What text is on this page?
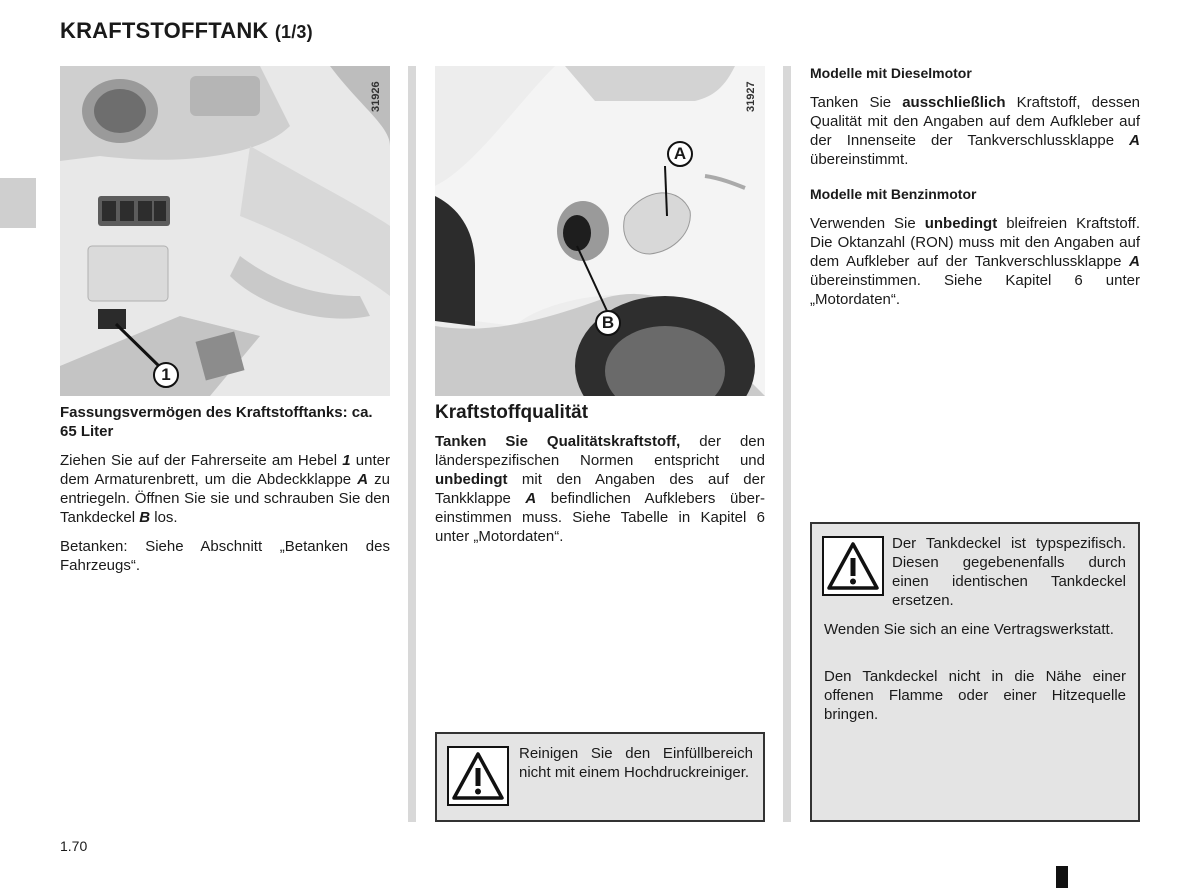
KRAFTSTOFFTANK (1/3)
1
31926
A
B
31927

Fassungsvermögen des Kraftstofftanks: ca. 65 Liter

Ziehen Sie auf der Fahrerseite am Hebel 1 unter dem Armaturenbrett, um die Abdeckklappe A zu entriegeln. Öffnen Sie sie und schrauben Sie den Tankdeckel B los.

Betanken: Siehe Abschnitt „Betanken des Fahrzeugs“.

Kraftstoffqualität

Tanken Sie Qualitätskraftstoff, der den länderspezifischen Normen entspricht und unbedingt mit den Angaben des auf der Tankklappe A befindlichen Aufklebers übereinstimmen muss. Siehe Tabelle in Kapitel 6 unter „Motordaten“.

Reinigen Sie den Einfüllbereich nicht mit einem Hochdruckreiniger.

Modelle mit Dieselmotor

Tanken Sie ausschließlich Kraftstoff, dessen Qualität mit den Angaben auf dem Aufkleber auf der Innenseite der Tankverschlussklappe A übereinstimmt.

Modelle mit Benzinmotor

Verwenden Sie unbedingt bleifreien Kraftstoff. Die Oktanzahl (RON) muss mit den Angaben auf dem Aufkleber auf der Tankverschlussklappe A übereinstimmen. Siehe Kapitel 6 unter „Motordaten“.

Der Tankdeckel ist typspezifisch. Diesen gegebenenfalls durch einen identischen Tankdeckel ersetzen.

Wenden Sie sich an eine Vertragswerkstatt.

Den Tankdeckel nicht in die Nähe einer offenen Flamme oder einer Hitzequelle bringen.

1.70
